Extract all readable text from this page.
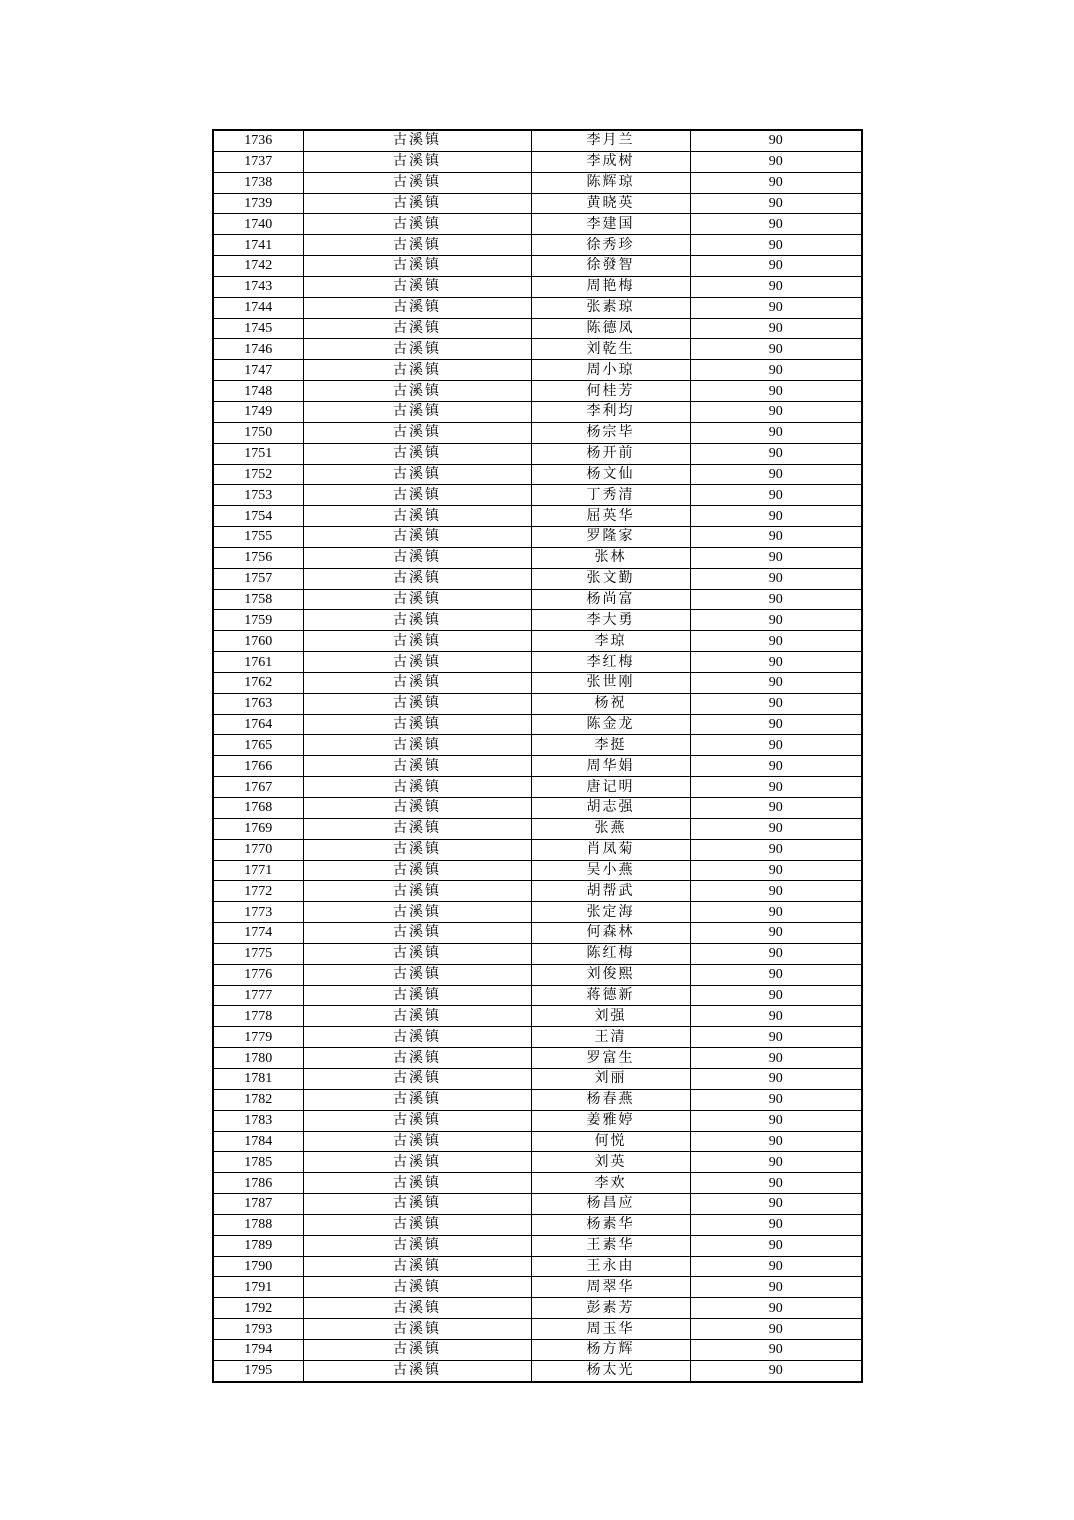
1736	古溪镇	李月兰	90
1737	古溪镇	李成树	90
1738	古溪镇	陈辉琼	90
1739	古溪镇	黄晓英	90
1740	古溪镇	李建国	90
1741	古溪镇	徐秀珍	90
1742	古溪镇	徐發智	90
1743	古溪镇	周艳梅	90
1744	古溪镇	张素琼	90
1745	古溪镇	陈德凤	90
1746	古溪镇	刘乾生	90
1747	古溪镇	周小琼	90
1748	古溪镇	何桂芳	90
1749	古溪镇	李利均	90
1750	古溪镇	杨宗毕	90
1751	古溪镇	杨开前	90
1752	古溪镇	杨文仙	90
1753	古溪镇	丁秀清	90
1754	古溪镇	屈英华	90
1755	古溪镇	罗隆家	90
1756	古溪镇	张林	90
1757	古溪镇	张文勤	90
1758	古溪镇	杨尚富	90
1759	古溪镇	李大勇	90
1760	古溪镇	李琼	90
1761	古溪镇	李红梅	90
1762	古溪镇	张世刚	90
1763	古溪镇	杨祝	90
1764	古溪镇	陈金龙	90
1765	古溪镇	李挺	90
1766	古溪镇	周华娟	90
1767	古溪镇	唐记明	90
1768	古溪镇	胡志强	90
1769	古溪镇	张燕	90
1770	古溪镇	肖凤菊	90
1771	古溪镇	吴小燕	90
1772	古溪镇	胡帮武	90
1773	古溪镇	张定海	90
1774	古溪镇	何森林	90
1775	古溪镇	陈红梅	90
1776	古溪镇	刘俊熙	90
1777	古溪镇	蒋德新	90
1778	古溪镇	刘强	90
1779	古溪镇	王清	90
1780	古溪镇	罗富生	90
1781	古溪镇	刘丽	90
1782	古溪镇	杨春燕	90
1783	古溪镇	姜雅婷	90
1784	古溪镇	何悦	90
1785	古溪镇	刘英	90
1786	古溪镇	李欢	90
1787	古溪镇	杨昌应	90
1788	古溪镇	杨素华	90
1789	古溪镇	王素华	90
1790	古溪镇	王永由	90
1791	古溪镇	周翠华	90
1792	古溪镇	彭素芳	90
1793	古溪镇	周玉华	90
1794	古溪镇	杨方辉	90
1795	古溪镇	杨太光	90
